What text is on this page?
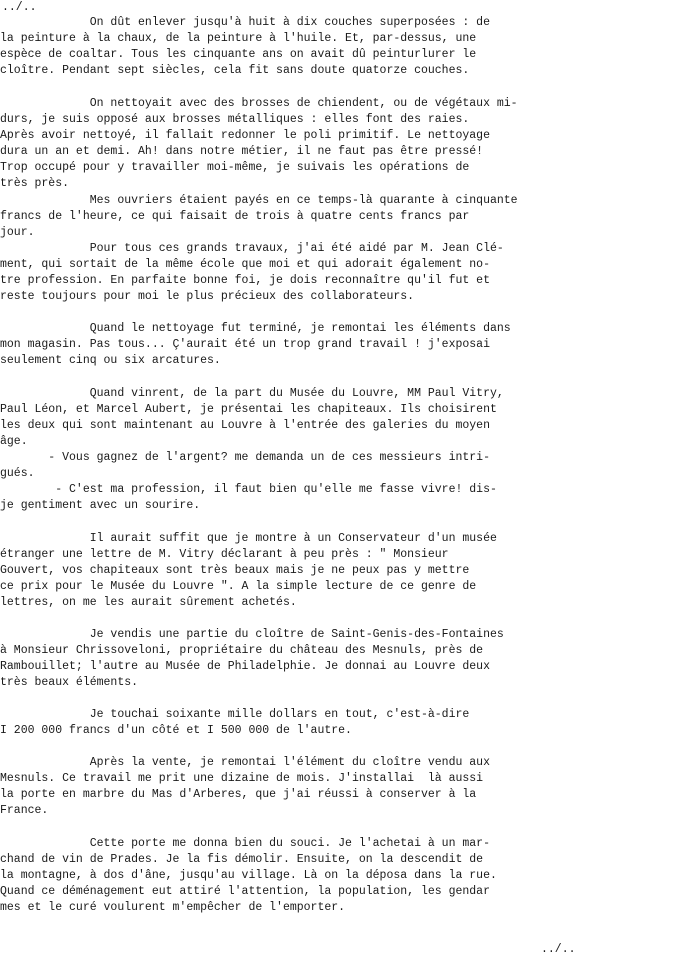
../..
On dût enlever jusqu'à huit à dix couches superposées : de
la peinture à la chaux, de la peinture à l'huile. Et, par-dessus, une
espèce de coaltar. Tous les cinquante ans on avait dû peinturlurer le
cloître. Pendant sept siècles, cela fit sans doute quatorze couches.
On nettoyait avec des brosses de chiendent, ou de végétaux mi-
durs, je suis opposé aux brosses métalliques : elles font des raies.
Après avoir nettoyé, il fallait redonner le poli primitif. Le nettoyage
dura un an et demi. Ah! dans notre métier, il ne faut pas être pressé!
Trop occupé pour y travailler moi-même, je suivais les opérations de
très près.
Mes ouvriers étaient payés en ce temps-là quarante à cinquante
francs de l'heure, ce qui faisait de trois à quatre cents francs par
jour.
Pour tous ces grands travaux, j'ai été aidé par M. Jean Clé-
ment, qui sortait de la même école que moi et qui adorait également no-
tre profession. En parfaite bonne foi, je dois reconnaître qu'il fut et
reste toujours pour moi le plus précieux des collaborateurs.
Quand le nettoyage fut terminé, je remontai les éléments dans
mon magasin. Pas tous... Ç'aurait été un trop grand travail ! j'exposai
seulement cinq ou six arcatures.
Quand vinrent, de la part du Musée du Louvre, MM Paul Vitry,
Paul Léon, et Marcel Aubert, je présentai les chapiteaux. Ils choisirent
les deux qui sont maintenant au Louvre à l'entrée des galeries du moyen
âge.
- Vous gagnez de l'argent? me demanda un de ces messieurs intri-
gués.
- C'est ma profession, il faut bien qu'elle me fasse vivre! dis-
je gentiment avec un sourire.
Il aurait suffit que je montre à un Conservateur d'un musée
étranger une lettre de M. Vitry déclarant à peu près : " Monsieur
Gouvert, vos chapiteaux sont très beaux mais je ne peux pas y mettre
ce prix pour le Musée du Louvre ". A la simple lecture de ce genre de
lettres, on me les aurait sûrement achetés.
Je vendis une partie du cloître de Saint-Genis-des-Fontaines
à Monsieur Chrissoveloni, propriétaire du château des Mesnuls, près de
Rambouillet; l'autre au Musée de Philadelphie. Je donnai au Louvre deux
très beaux éléments.
Je touchai soixante mille dollars en tout, c'est-à-dire
I 200 000 francs d'un côté et I 500 000 de l'autre.
Après la vente, je remontai l'élément du cloître vendu aux
Mesnuls. Ce travail me prit une dizaine de mois. J'installai  là aussi
la porte en marbre du Mas d'Arberes, que j'ai réussi à conserver à la
France.
Cette porte me donna bien du souci. Je l'achetai à un mar-
chand de vin de Prades. Je la fis démolir. Ensuite, on la descendit de
la montagne, à dos d'âne, jusqu'au village. Là on la déposa dans la rue.
Quand ce déménagement eut attiré l'attention, la population, les gendar
mes et le curé voulurent m'empêcher de l'emporter.
../..
